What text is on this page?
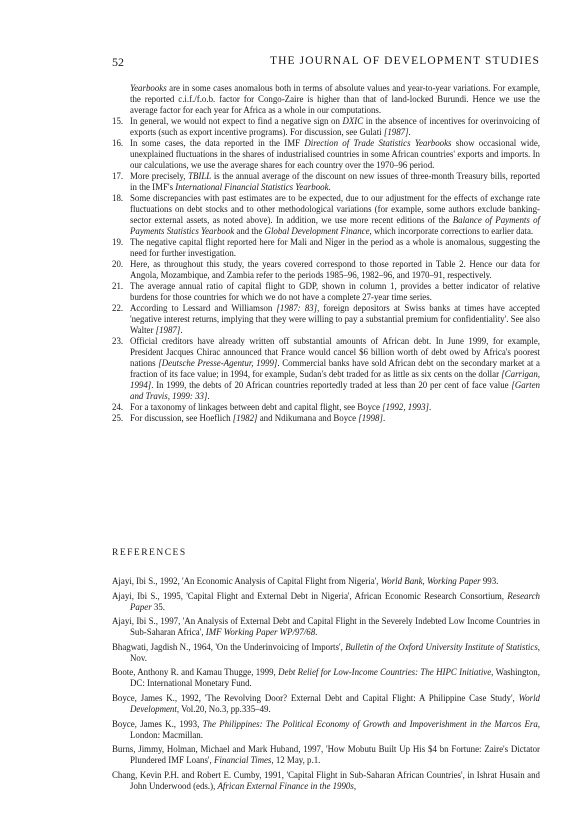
52	THE JOURNAL OF DEVELOPMENT STUDIES
Yearbooks are in some cases anomalous both in terms of absolute values and year-to-year variations. For example, the reported c.i.f./f.o.b. factor for Congo-Zaire is higher than that of land-locked Burundi. Hence we use the average factor for each year for Africa as a whole in our computations.
15. In general, we would not expect to find a negative sign on DXIC in the absence of incentives for overinvoicing of exports (such as export incentive programs). For discussion, see Gulati [1987].
16. In some cases, the data reported in the IMF Direction of Trade Statistics Yearbooks show occasional wide, unexplained fluctuations in the shares of industrialised countries in some African countries' exports and imports. In our calculations, we use the average shares for each country over the 1970–96 period.
17. More precisely, TBILL is the annual average of the discount on new issues of three-month Treasury bills, reported in the IMF's International Financial Statistics Yearbook.
18. Some discrepancies with past estimates are to be expected, due to our adjustment for the effects of exchange rate fluctuations on debt stocks and to other methodological variations (for example, some authors exclude banking-sector external assets, as noted above). In addition, we use more recent editions of the Balance of Payments of Payments Statistics Yearbook and the Global Development Finance, which incorporate corrections to earlier data.
19. The negative capital flight reported here for Mali and Niger in the period as a whole is anomalous, suggesting the need for further investigation.
20. Here, as throughout this study, the years covered correspond to those reported in Table 2. Hence our data for Angola, Mozambique, and Zambia refer to the periods 1985–96, 1982–96, and 1970–91, respectively.
21. The average annual ratio of capital flight to GDP, shown in column 1, provides a better indicator of relative burdens for those countries for which we do not have a complete 27-year time series.
22. According to Lessard and Williamson [1987: 83], foreign depositors at Swiss banks at times have accepted 'negative interest returns, implying that they were willing to pay a substantial premium for confidentiality'. See also Walter [1987].
23. Official creditors have already written off substantial amounts of African debt. In June 1999, for example, President Jacques Chirac announced that France would cancel $6 billion worth of debt owed by Africa's poorest nations [Deutsche Presse-Agentur, 1999]. Commercial banks have sold African debt on the secondary market at a fraction of its face value; in 1994, for example, Sudan's debt traded for as little as six cents on the dollar [Carrigan, 1994]. In 1999, the debts of 20 African countries reportedly traded at less than 20 per cent of face value [Garten and Travis, 1999: 33].
24. For a taxonomy of linkages between debt and capital flight, see Boyce [1992, 1993].
25. For discussion, see Hoeflich [1982] and Ndikumana and Boyce [1998].
REFERENCES
Ajayi, Ibi S., 1992, 'An Economic Analysis of Capital Flight from Nigeria', World Bank, Working Paper 993.
Ajayi, Ibi S., 1995, 'Capital Flight and External Debt in Nigeria', African Economic Research Consortium, Research Paper 35.
Ajayi, Ibi S., 1997, 'An Analysis of External Debt and Capital Flight in the Severely Indebted Low Income Countries in Sub-Saharan Africa', IMF Working Paper WP/97/68.
Bhagwati, Jagdish N., 1964, 'On the Underinvoicing of Imports', Bulletin of the Oxford University Institute of Statistics, Nov.
Boote, Anthony R. and Kamau Thugge, 1999, Debt Relief for Low-Income Countries: The HIPC Initiative, Washington, DC: International Monetary Fund.
Boyce, James K., 1992, 'The Revolving Door? External Debt and Capital Flight: A Philippine Case Study', World Development, Vol.20, No.3, pp.335–49.
Boyce, James K., 1993, The Philippines: The Political Economy of Growth and Impoverishment in the Marcos Era, London: Macmillan.
Burns, Jimmy, Holman, Michael and Mark Huband, 1997, 'How Mobutu Built Up His $4 bn Fortune: Zaire's Dictator Plundered IMF Loans', Financial Times, 12 May, p.1.
Chang, Kevin P.H. and Robert E. Cumby, 1991, 'Capital Flight in Sub-Saharan African Countries', in Ishrat Husain and John Underwood (eds.), African External Finance in the 1990s,
